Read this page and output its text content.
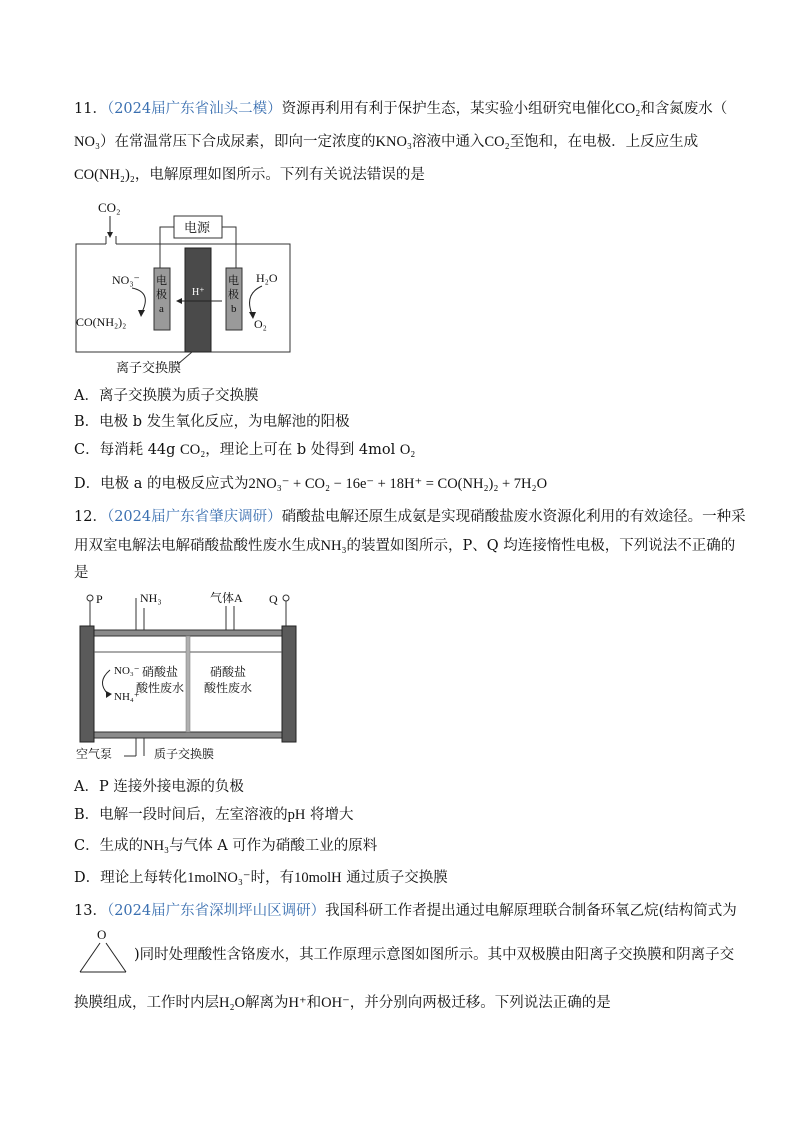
11．（2024届广东省汕头二模）资源再利用有利于保护生态，某实验小组研究电催化CO₂和含氮废水（
NO₃）在常温常压下合成尿素，即向一定浓度的KNO₃溶液中通入CO₂至饱和，在电极．上反应生成
CO(NH₂)₂，电解原理如图所示。下列有关说法错误的是
CO₂
电源
电
极
a
H⁺
电
极
b
NO₃⁻
CO(NH₂)₂
H₂O
O₂
离子交换膜
A．离子交换膜为质子交换膜
B．电极 b 发生氧化反应，为电解池的阳极
C．每消耗 44g CO₂，理论上可在 b 处得到 4mol O₂
D．电极 a 的电极反应式为2NO₃⁻ + CO₂ − 16e⁻ + 18H⁺ = CO(NH₂)₂ + 7H₂O
12．（2024届广东省肇庆调研）硝酸盐电解还原生成氨是实现硝酸盐废水资源化利用的有效途径。一种采
用双室电解法电解硝酸盐酸性废水生成NH₃的装置如图所示，P、Q 均连接惰性电极，下列说法不正确的
是
P	Q
NH₃	气体A
NO₃⁻
NH₄⁺
硝酸盐
酸性废水
硝酸盐
酸性废水
空气泵	质子交换膜
A．P 连接外接电源的负极
B．电解一段时间后，左室溶液的pH 将增大
C．生成的NH₃与气体 A 可作为硝酸工业的原料
D．理论上每转化1molNO₃⁻时，有10molH 通过质子交换膜
13．（2024届广东省深圳坪山区调研）我国科研工作者提出通过电解原理联合制备环氧乙烷(结构简式为
O
)同时处理酸性含铬废水，其工作原理示意图如图所示。其中双极膜由阳离子交换膜和阴离子交
换膜组成，工作时内层H₂O解离为H⁺和OH⁻，并分别向两极迁移。下列说法正确的是
